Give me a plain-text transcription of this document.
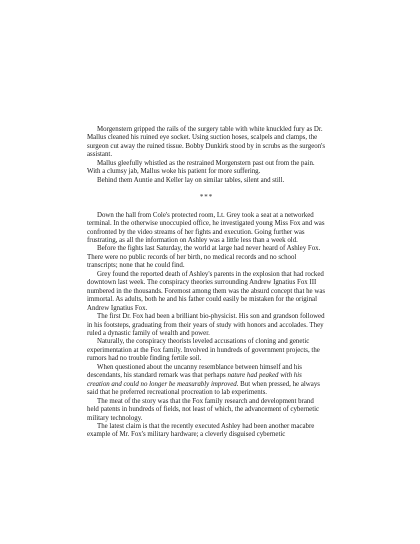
Morgenstern gripped the rails of the surgery table with white knuckled fury as Dr. Mallus cleaned his ruined eye socket. Using suction hoses, scalpels and clamps, the surgeon cut away the ruined tissue. Bobby Dunkirk stood by in scrubs as the surgeon's assistant.

Mallus gleefully whistled as the restrained Morgenstern past out from the pain. With a clumsy jab, Mallus woke his patient for more suffering.

Behind them Auntie and Keller lay on similar tables, silent and still.

***

Down the hall from Cole's protected room, Lt. Grey took a seat at a networked terminal. In the otherwise unoccupied office, he investigated young Miss Fox and was confronted by the video streams of her fights and execution. Going further was frustrating, as all the information on Ashley was a little less than a week old.

Before the fights last Saturday, the world at large had never heard of Ashley Fox. There were no public records of her birth, no medical records and no school transcripts; none that he could find.

Grey found the reported death of Ashley's parents in the explosion that had rocked downtown last week. The conspiracy theories surrounding Andrew Ignatius Fox III numbered in the thousands. Foremost among them was the absurd concept that he was immortal. As adults, both he and his father could easily be mistaken for the original Andrew Ignatius Fox.

The first Dr. Fox had been a brilliant bio-physicist. His son and grandson followed in his footsteps, graduating from their years of study with honors and accolades. They ruled a dynastic family of wealth and power.

Naturally, the conspiracy theorists leveled accusations of cloning and genetic experimentation at the Fox family. Involved in hundreds of government projects, the rumors had no trouble finding fertile soil.

When questioned about the uncanny resemblance between himself and his descendants, his standard remark was that perhaps nature had peaked with his creation and could no longer be measurably improved. But when pressed, he always said that he preferred recreational procreation to lab experiments.

The meat of the story was that the Fox family research and development brand held patents in hundreds of fields, not least of which, the advancement of cybernetic military technology.

The latest claim is that the recently executed Ashley had been another macabre example of Mr. Fox's military hardware; a cleverly disguised cybernetic
